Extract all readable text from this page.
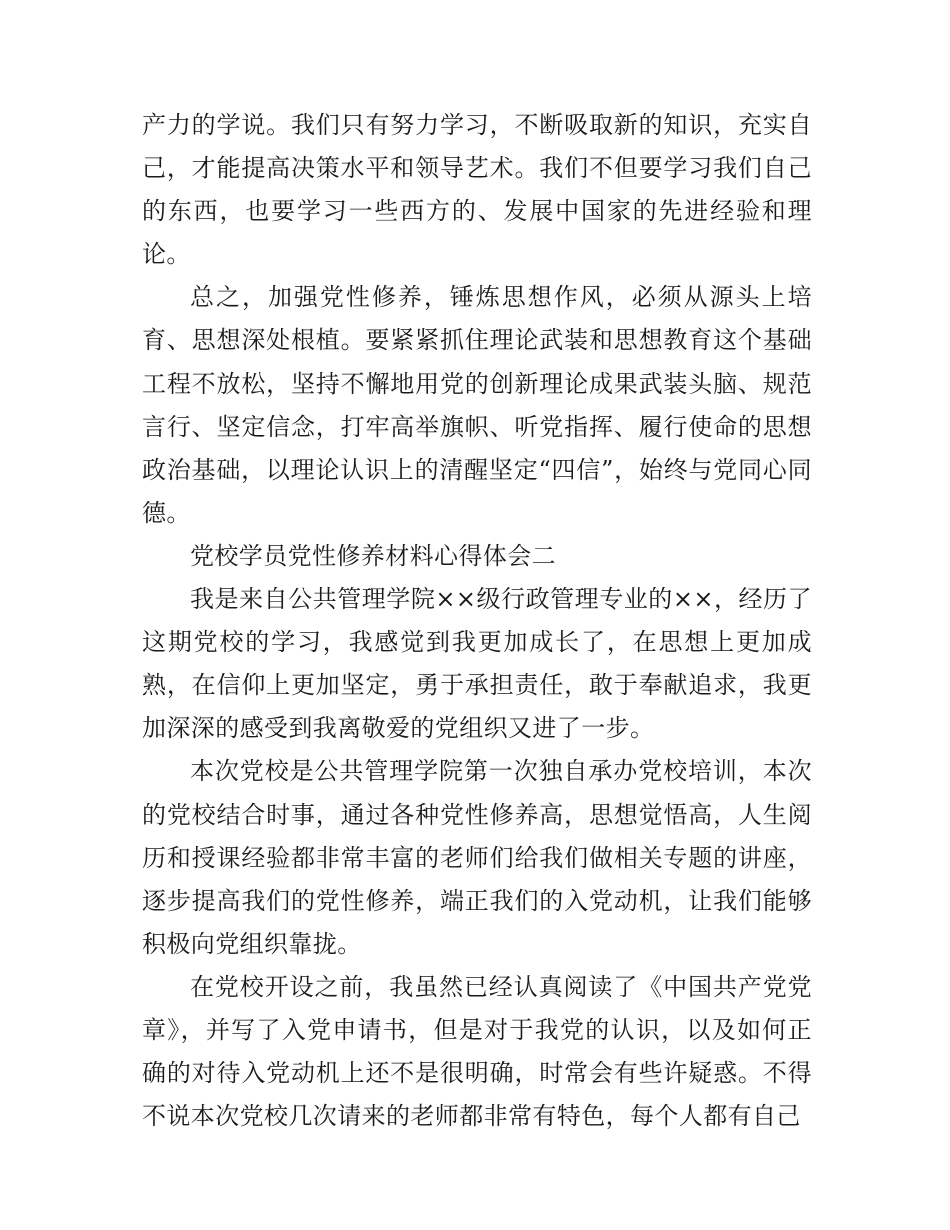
产力的学说。我们只有努力学习，不断吸取新的知识，充实自己，才能提高决策水平和领导艺术。我们不但要学习我们自己的东西，也要学习一些西方的、发展中国家的先进经验和理论。

总之，加强党性修养，锤炼思想作风，必须从源头上培育、思想深处根植。要紧紧抓住理论武装和思想教育这个基础工程不放松，坚持不懈地用党的创新理论成果武装头脑、规范言行、坚定信念，打牢高举旗帜、听党指挥、履行使命的思想政治基础，以理论认识上的清醒坚定“四信”，始终与党同心同德。

党校学员党性修养材料心得体会二

我是来自公共管理学院××级行政管理专业的××，经历了这期党校的学习，我感觉到我更加成长了，在思想上更加成熟，在信仰上更加坚定，勇于承担责任，敢于奉献追求，我更加深深的感受到我离敬爱的党组织又进了一步。

本次党校是公共管理学院第一次独自承办党校培训，本次的党校结合时事，通过各种党性修养高，思想觉悟高，人生阅历和授课经验都非常丰富的老师们给我们做相关专题的讲座，逐步提高我们的党性修养，端正我们的入党动机，让我们能够积极向党组织靠拢。

在党校开设之前，我虽然已经认真阅读了《中国共产党党章》，并写了入党申请书，但是对于我党的认识，以及如何正确的对待入党动机上还不是很明确，时常会有些许疑惑。不得不说本次党校几次请来的老师都非常有特色，每个人都有自己
